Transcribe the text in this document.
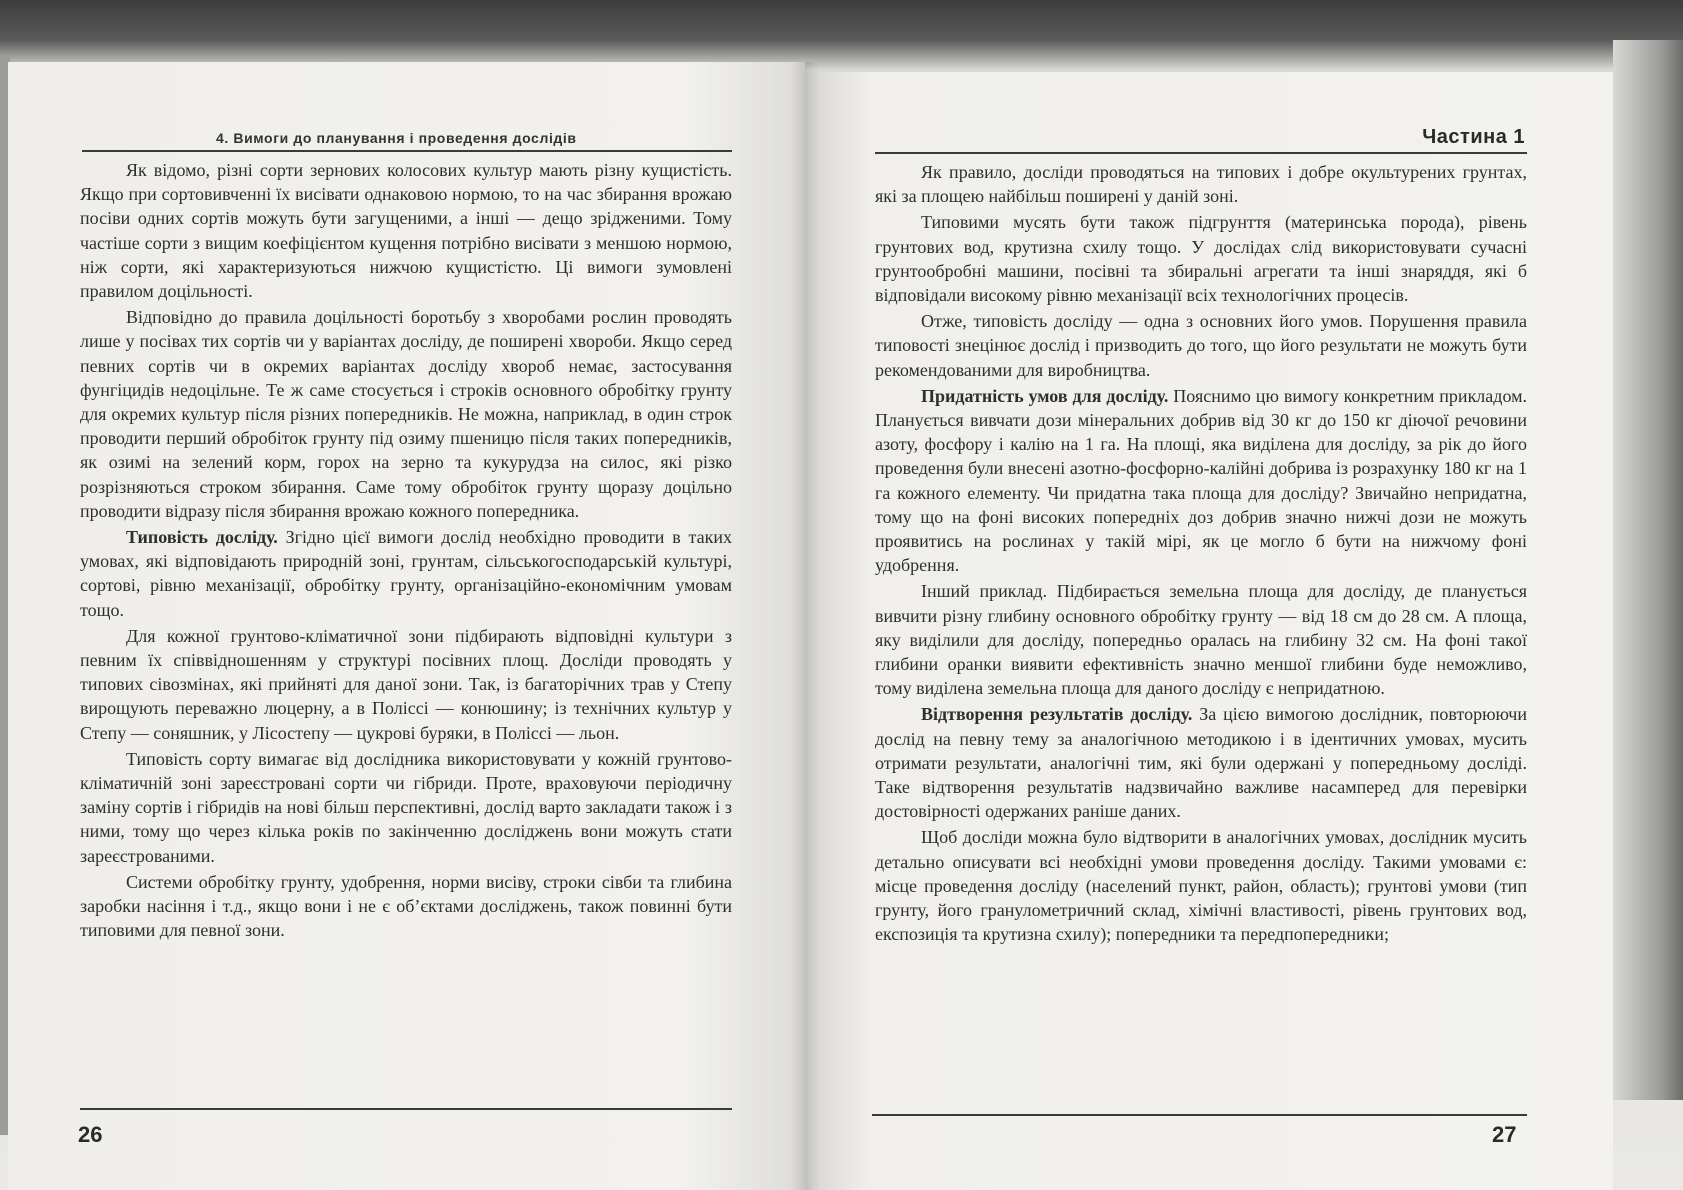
4. Вимоги до планування і проведення дослідів	Частина 1

Як відомо, різні сорти зернових колосових культур мають різну кущистість. Якщо при сортовивченні їх висівати однаковою нормою, то на час збирання врожаю посіви одних сортів можуть бути загущеними, а інші — дещо зрідженими. Тому частіше сорти з вищим коефіцієнтом кущення потрібно висівати з меншою нормою, ніж сорти, які характеризуються нижчою кущистістю. Ці вимоги зумовлені правилом доцільності.

Відповідно до правила доцільності боротьбу з хворобами рослин проводять лише у посівах тих сортів чи у варіантах досліду, де поширені хвороби. Якщо серед певних сортів чи в окремих варіантах досліду хвороб немає, застосування фунгіцидів недоцільне. Те ж саме стосується і строків основного обробітку грунту для окремих культур після різних попередників. Не можна, наприклад, в один строк проводити перший обробіток грунту під озиму пшеницю після таких попередників, як озимі на зелений корм, горох на зерно та кукурудза на силос, які різко розрізняються строком збирання. Саме тому обробіток грунту щоразу доцільно проводити відразу після збирання врожаю кожного попередника.

Типовість досліду. Згідно цієї вимоги дослід необхідно проводити в таких умовах, які відповідають природній зоні, грунтам, сільськогосподарській культурі, сортові, рівню механізації, обробітку грунту, організаційно-економічним умовам тощо.

Для кожної грунтово-кліматичної зони підбирають відповідні культури з певним їх співвідношенням у структурі посівних площ. Досліди проводять у типових сівозмінах, які прийняті для даної зони. Так, із багаторічних трав у Степу вирощують переважно люцерну, а в Поліссі — конюшину; із технічних культур у Степу — соняшник, у Лісостепу — цукрові буряки, в Поліссі — льон.

Типовість сорту вимагає від дослідника використовувати у кожній грунтово-кліматичній зоні зареєстровані сорти чи гібриди. Проте, враховуючи періодичну заміну сортів і гібридів на нові більш перспективні, дослід варто закладати також і з ними, тому що через кілька років по закінченню досліджень вони можуть стати зареєстрованими.

Системи обробітку грунту, удобрення, норми висіву, строки сівби та глибина заробки насіння і т.д., якщо вони і не є об’єктами досліджень, також повинні бути типовими для певної зони.

Як правило, досліди проводяться на типових і добре окультурених грунтах, які за площею найбільш поширені у даній зоні.

Типовими мусять бути також підгрунття (материнська порода), рівень грунтових вод, крутизна схилу тощо. У дослідах слід використовувати сучасні грунтообробні машини, посівні та збиральні агрегати та інші знаряддя, які б відповідали високому рівню механізації всіх технологічних процесів.

Отже, типовість досліду — одна з основних його умов. Порушення правила типовості знецінює дослід і призводить до того, що його результати не можуть бути рекомендованими для виробництва.

Придатність умов для досліду. Пояснимо цю вимогу конкретним прикладом. Планується вивчати дози мінеральних добрив від 30 кг до 150 кг діючої речовини азоту, фосфору і калію на 1 га. На площі, яка виділена для досліду, за рік до його проведення були внесені азотно-фосфорно-калійні добрива із розрахунку 180 кг на 1 га кожного елементу. Чи придатна така площа для досліду? Звичайно непридатна, тому що на фоні високих попередніх доз добрив значно нижчі дози не можуть проявитись на рослинах у такій мірі, як це могло б бути на нижчому фоні удобрення.

Інший приклад. Підбирається земельна площа для досліду, де планується вивчити різну глибину основного обробітку грунту — від 18 см до 28 см. А площа, яку виділили для досліду, попередньо оралась на глибину 32 см. На фоні такої глибини оранки виявити ефективність значно меншої глибини буде неможливо, тому виділена земельна площа для даного досліду є непридатною.

Відтворення результатів досліду. За цією вимогою дослідник, повторюючи дослід на певну тему за аналогічною методикою і в ідентичних умовах, мусить отримати результати, аналогічні тим, які були одержані у попередньому досліді. Таке відтворення результатів надзвичайно важливе насамперед для перевірки достовірності одержаних раніше даних.

Щоб досліди можна було відтворити в аналогічних умовах, дослідник мусить детально описувати всі необхідні умови проведення досліду. Такими умовами є: місце проведення досліду (населений пункт, район, область); грунтові умови (тип грунту, його гранулометричний склад, хімічні властивості, рівень грунтових вод, експозиція та крутизна схилу); попередники та передпопередники;

26	27
